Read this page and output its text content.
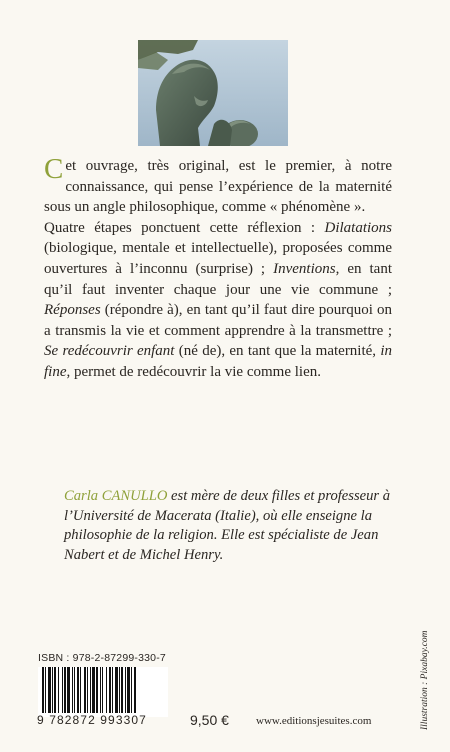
Cet ouvrage, très original, est le premier, à notre connaissance, qui pense l’expérience de la maternité sous un angle philosophique, comme « phénomène ».

Quatre étapes ponctuent cette réflexion : Dilatations (biologique, mentale et intellectuelle), proposées comme ouvertures à l’inconnu (surprise) ; Inventions, en tant qu’il faut inventer chaque jour une vie commune ; Réponses (répondre à), en tant qu’il faut dire pourquoi on a transmis la vie et comment apprendre à la transmettre ; Se redécouvrir enfant (né de), en tant que la maternité, in fine, permet de redécouvrir la vie comme lien.

Carla CANULLO est mère de deux filles et professeur à l’Université de Macerata (Italie), où elle enseigne la philosophie de la religion. Elle est spécialiste de Jean Nabert et de Michel Henry.

ISBN : 978-2-87299-330-7

9 782872 993307	9,50 € www.editionsjesuites.com	Illustration : Pixabay.com
